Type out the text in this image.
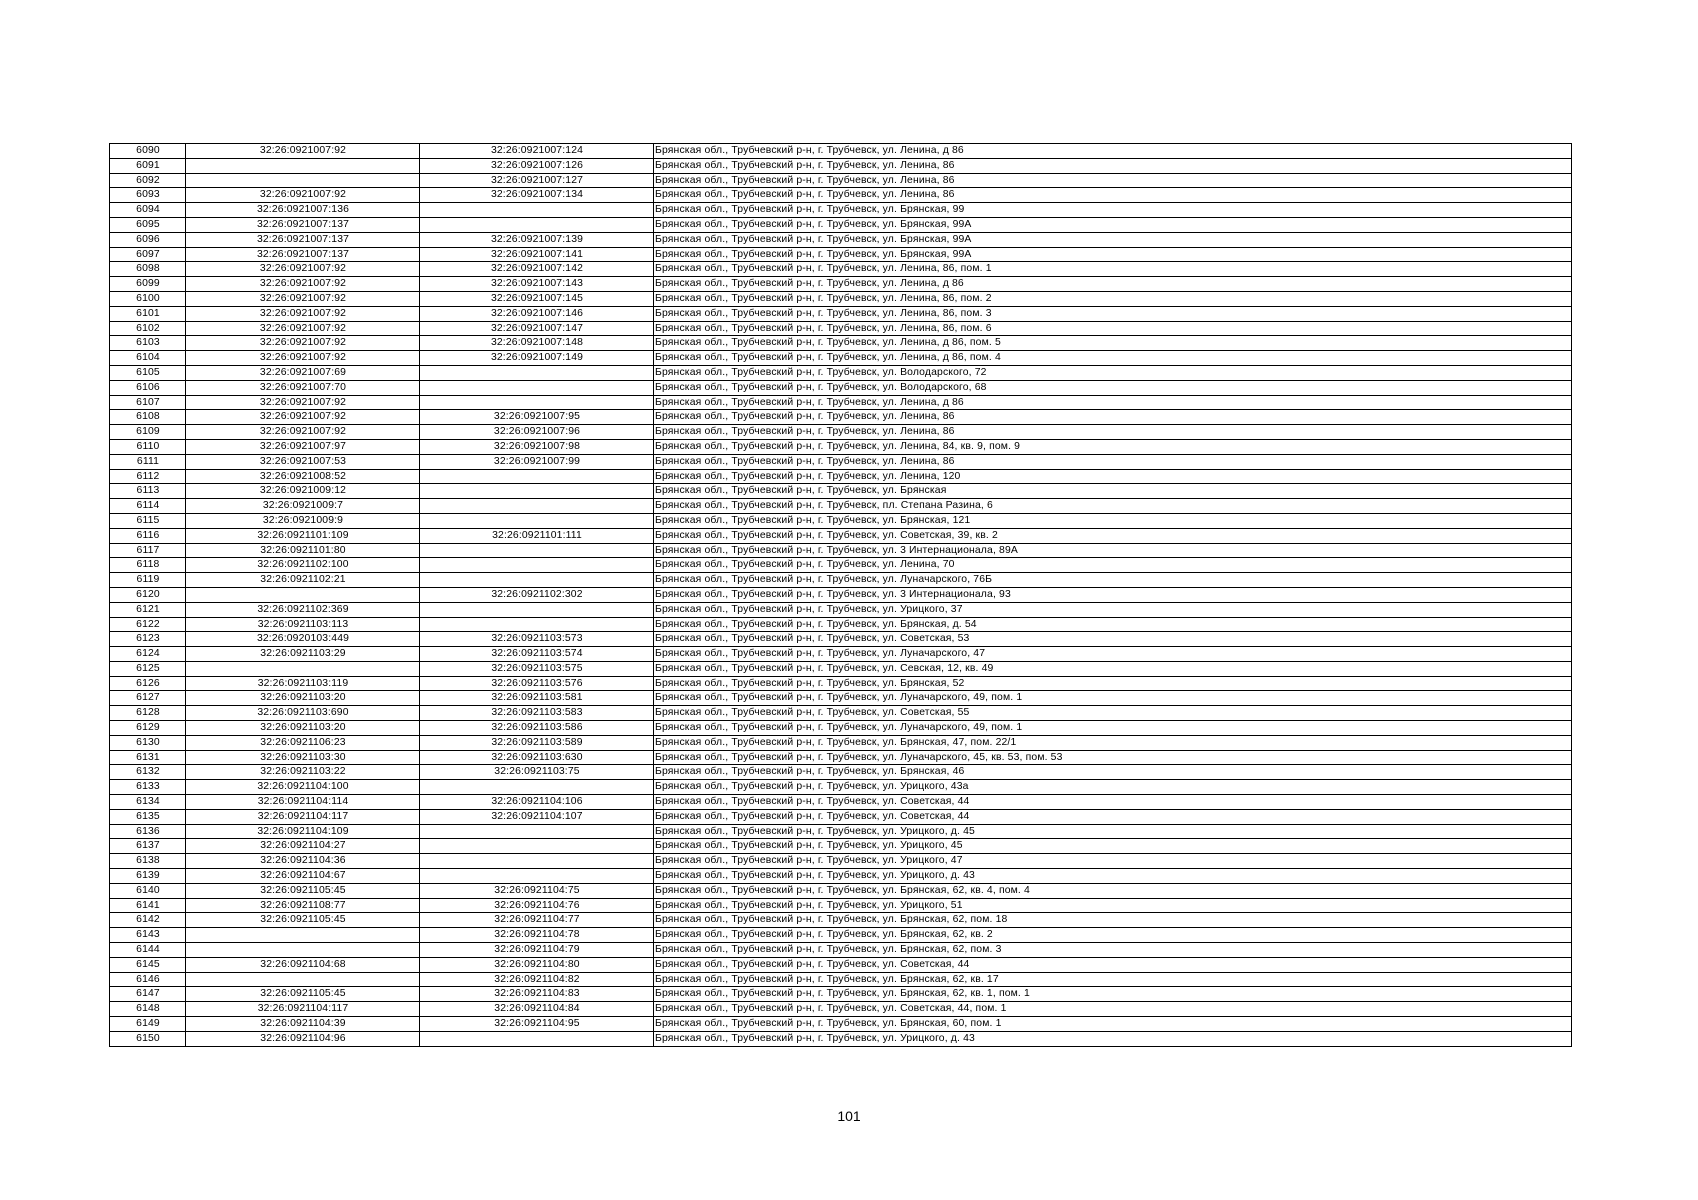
6090	32:26:0921007:92	32:26:0921007:124	Брянская обл., Трубчевский р-н, г. Трубчевск, ул. Ленина, д 86
6091		32:26:0921007:126	Брянская обл., Трубчевский р-н, г. Трубчевск, ул. Ленина, 86
6092		32:26:0921007:127	Брянская обл., Трубчевский р-н, г. Трубчевск, ул. Ленина, 86
6093	32:26:0921007:92	32:26:0921007:134	Брянская обл., Трубчевский р-н, г. Трубчевск, ул. Ленина, 86
6094	32:26:0921007:136		Брянская обл., Трубчевский р-н, г. Трубчевск, ул. Брянская, 99
6095	32:26:0921007:137		Брянская обл., Трубчевский р-н, г. Трубчевск, ул. Брянская, 99А
6096	32:26:0921007:137	32:26:0921007:139	Брянская обл., Трубчевский р-н, г. Трубчевск, ул. Брянская, 99А
6097	32:26:0921007:137	32:26:0921007:141	Брянская обл., Трубчевский р-н, г. Трубчевск, ул. Брянская, 99А
6098	32:26:0921007:92	32:26:0921007:142	Брянская обл., Трубчевский р-н, г. Трубчевск, ул. Ленина, 86, пом. 1
6099	32:26:0921007:92	32:26:0921007:143	Брянская обл., Трубчевский р-н, г. Трубчевск, ул. Ленина, д 86
6100	32:26:0921007:92	32:26:0921007:145	Брянская обл., Трубчевский р-н, г. Трубчевск, ул. Ленина, 86, пом. 2
6101	32:26:0921007:92	32:26:0921007:146	Брянская обл., Трубчевский р-н, г. Трубчевск, ул. Ленина, 86, пом. 3
6102	32:26:0921007:92	32:26:0921007:147	Брянская обл., Трубчевский р-н, г. Трубчевск, ул. Ленина, 86, пом. 6
6103	32:26:0921007:92	32:26:0921007:148	Брянская обл., Трубчевский р-н, г. Трубчевск, ул. Ленина, д 86, пом. 5
6104	32:26:0921007:92	32:26:0921007:149	Брянская обл., Трубчевский р-н, г. Трубчевск, ул. Ленина, д 86, пом. 4
6105	32:26:0921007:69		Брянская обл., Трубчевский р-н, г. Трубчевск, ул. Володарского, 72
6106	32:26:0921007:70		Брянская обл., Трубчевский р-н, г. Трубчевск, ул. Володарского, 68
6107	32:26:0921007:92		Брянская обл., Трубчевский р-н, г. Трубчевск, ул. Ленина, д 86
6108	32:26:0921007:92	32:26:0921007:95	Брянская обл., Трубчевский р-н, г. Трубчевск, ул. Ленина, 86
6109	32:26:0921007:92	32:26:0921007:96	Брянская обл., Трубчевский р-н, г. Трубчевск, ул. Ленина, 86
6110	32:26:0921007:97	32:26:0921007:98	Брянская обл., Трубчевский р-н, г. Трубчевск, ул. Ленина, 84, кв. 9, пом. 9
6111	32:26:0921007:53	32:26:0921007:99	Брянская обл., Трубчевский р-н, г. Трубчевск, ул. Ленина, 86
6112	32:26:0921008:52		Брянская обл., Трубчевский р-н, г. Трубчевск, ул. Ленина, 120
6113	32:26:0921009:12		Брянская обл., Трубчевский р-н, г. Трубчевск, ул. Брянская
6114	32:26:0921009:7		Брянская обл., Трубчевский р-н, г. Трубчевск, пл. Степана Разина, 6
6115	32:26:0921009:9		Брянская обл., Трубчевский р-н, г. Трубчевск, ул. Брянская, 121
6116	32:26:0921101:109	32:26:0921101:111	Брянская обл., Трубчевский р-н, г. Трубчевск, ул. Советская, 39, кв. 2
6117	32:26:0921101:80		Брянская обл., Трубчевский р-н, г. Трубчевск, ул. 3 Интернационала, 89А
6118	32:26:0921102:100		Брянская обл., Трубчевский р-н, г. Трубчевск, ул. Ленина, 70
6119	32:26:0921102:21		Брянская обл., Трубчевский р-н, г. Трубчевск, ул. Луначарского, 76Б
6120		32:26:0921102:302	Брянская обл., Трубчевский р-н, г. Трубчевск, ул. 3 Интернационала, 93
6121	32:26:0921102:369		Брянская обл., Трубчевский р-н, г. Трубчевск, ул. Урицкого, 37
6122	32:26:0921103:113		Брянская обл., Трубчевский р-н, г. Трубчевск, ул. Брянская, д. 54
6123	32:26:0920103:449	32:26:0921103:573	Брянская обл., Трубчевский р-н, г. Трубчевск, ул. Советская, 53
6124	32:26:0921103:29	32:26:0921103:574	Брянская обл., Трубчевский р-н, г. Трубчевск, ул. Луначарского, 47
6125		32:26:0921103:575	Брянская обл., Трубчевский р-н, г. Трубчевск, ул. Севская, 12, кв. 49
6126	32:26:0921103:119	32:26:0921103:576	Брянская обл., Трубчевский р-н, г. Трубчевск, ул. Брянская, 52
6127	32:26:0921103:20	32:26:0921103:581	Брянская обл., Трубчевский р-н, г. Трубчевск, ул. Луначарского, 49, пом. 1
6128	32:26:0921103:690	32:26:0921103:583	Брянская обл., Трубчевский р-н, г. Трубчевск, ул. Советская, 55
6129	32:26:0921103:20	32:26:0921103:586	Брянская обл., Трубчевский р-н, г. Трубчевск, ул. Луначарского, 49, пом. 1
6130	32:26:0921106:23	32:26:0921103:589	Брянская обл., Трубчевский р-н, г. Трубчевск, ул. Брянская, 47, пом. 22/1
6131	32:26:0921103:30	32:26:0921103:630	Брянская обл., Трубчевский р-н, г. Трубчевск, ул. Луначарского, 45, кв. 53, пом. 53
6132	32:26:0921103:22	32:26:0921103:75	Брянская обл., Трубчевский р-н, г. Трубчевск, ул. Брянская, 46
6133	32:26:0921104:100		Брянская обл., Трубчевский р-н, г. Трубчевск, ул. Урицкого, 43а
6134	32:26:0921104:114	32:26:0921104:106	Брянская обл., Трубчевский р-н, г. Трубчевск, ул. Советская, 44
6135	32:26:0921104:117	32:26:0921104:107	Брянская обл., Трубчевский р-н, г. Трубчевск, ул. Советская, 44
6136	32:26:0921104:109		Брянская обл., Трубчевский р-н, г. Трубчевск, ул. Урицкого, д. 45
6137	32:26:0921104:27		Брянская обл., Трубчевский р-н, г. Трубчевск, ул. Урицкого, 45
6138	32:26:0921104:36		Брянская обл., Трубчевский р-н, г. Трубчевск, ул. Урицкого, 47
6139	32:26:0921104:67		Брянская обл., Трубчевский р-н, г. Трубчевск, ул. Урицкого, д. 43
6140	32:26:0921105:45	32:26:0921104:75	Брянская обл., Трубчевский р-н, г. Трубчевск, ул. Брянская, 62, кв. 4, пом. 4
6141	32:26:0921108:77	32:26:0921104:76	Брянская обл., Трубчевский р-н, г. Трубчевск, ул. Урицкого, 51
6142	32:26:0921105:45	32:26:0921104:77	Брянская обл., Трубчевский р-н, г. Трубчевск, ул. Брянская, 62, пом. 18
6143		32:26:0921104:78	Брянская обл., Трубчевский р-н, г. Трубчевск, ул. Брянская, 62, кв. 2
6144		32:26:0921104:79	Брянская обл., Трубчевский р-н, г. Трубчевск, ул. Брянская, 62, пом. 3
6145	32:26:0921104:68	32:26:0921104:80	Брянская обл., Трубчевский р-н, г. Трубчевск, ул. Советская, 44
6146		32:26:0921104:82	Брянская обл., Трубчевский р-н, г. Трубчевск, ул. Брянская, 62, кв. 17
6147	32:26:0921105:45	32:26:0921104:83	Брянская обл., Трубчевский р-н, г. Трубчевск, ул. Брянская, 62, кв. 1, пом. 1
6148	32:26:0921104:117	32:26:0921104:84	Брянская обл., Трубчевский р-н, г. Трубчевск, ул. Советская, 44, пом. 1
6149	32:26:0921104:39	32:26:0921104:95	Брянская обл., Трубчевский р-н, г. Трубчевск, ул. Брянская, 60, пом. 1
6150	32:26:0921104:96		Брянская обл., Трубчевский р-н, г. Трубчевск, ул. Урицкого, д. 43
101
